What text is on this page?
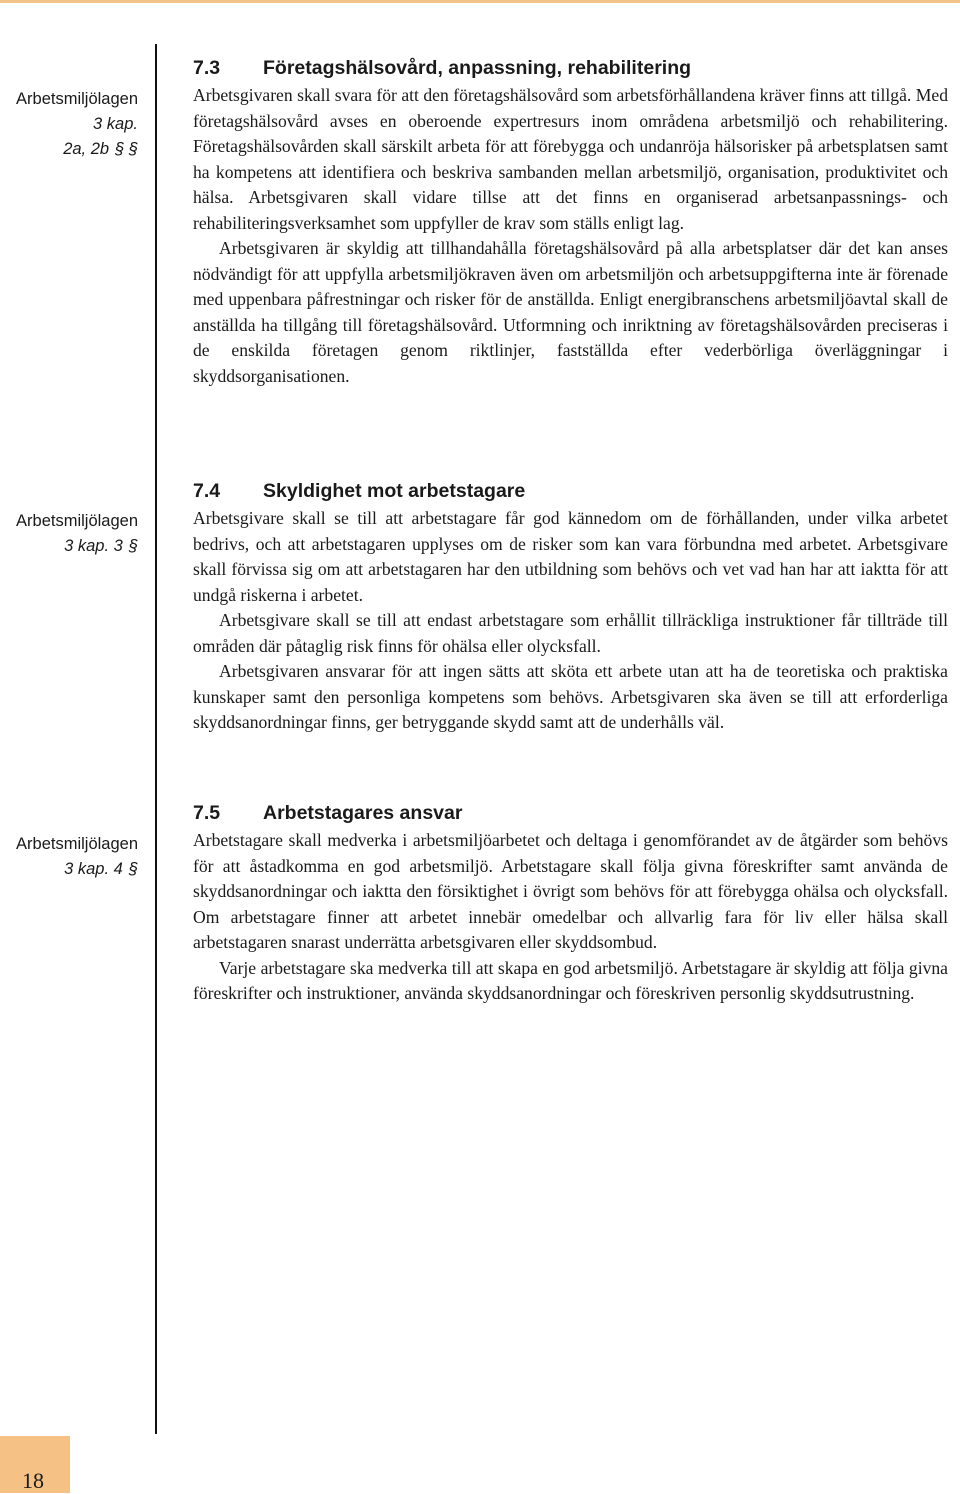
Arbetsmiljölagen
3 kap.
2a, 2b § §
Arbetsmiljölagen
3 kap. 3 §
Arbetsmiljölagen
3 kap. 4 §
7.3 Företagshälsovård, anpassning, rehabilitering

Arbetsgivaren skall svara för att den företagshälsovård som arbetsförhållandena kräver finns att tillgå. Med företagshälsovård avses en oberoende expertresurs inom områdena arbetsmiljö och rehabilitering. Företagshälsovården skall särskilt arbeta för att förebygga och undanröja hälsorisker på arbetsplatsen samt ha kompetens att identifiera och beskriva sambanden mellan arbetsmiljö, organisation, produktivitet och hälsa. Arbetsgivaren skall vidare tillse att det finns en organiserad arbetsanpassnings- och rehabiliteringsverksamhet som uppfyller de krav som ställs enligt lag.

Arbetsgivaren är skyldig att tillhandahålla företagshälsovård på alla arbetsplatser där det kan anses nödvändigt för att uppfylla arbetsmiljökraven även om arbetsmiljön och arbetsuppgifterna inte är förenade med uppenbara påfrestningar och risker för de anställda. Enligt energibranschens arbetsmiljöavtal skall de anställda ha tillgång till företagshälsovård. Utformning och inriktning av företagshälsovården preciseras i de enskilda företagen genom riktlinjer, fastställda efter vederbörliga överläggningar i skyddsorganisationen.

7.4 Skyldighet mot arbetstagare

Arbetsgivare skall se till att arbetstagare får god kännedom om de förhållanden, under vilka arbetet bedrivs, och att arbetstagaren upplyses om de risker som kan vara förbundna med arbetet. Arbetsgivare skall förvissa sig om att arbetstagaren har den utbildning som behövs och vet vad han har att iaktta för att undgå riskerna i arbetet.

Arbetsgivare skall se till att endast arbetstagare som erhållit tillräckliga instruktioner får tillträde till områden där påtaglig risk finns för ohälsa eller olycksfall.

Arbetsgivaren ansvarar för att ingen sätts att sköta ett arbete utan att ha de teoretiska och praktiska kunskaper samt den personliga kompetens som behövs. Arbetsgivaren ska även se till att erforderliga skyddsanordningar finns, ger betryggande skydd samt att de underhålls väl.

7.5 Arbetstagares ansvar

Arbetstagare skall medverka i arbetsmiljöarbetet och deltaga i genomförandet av de åtgärder som behövs för att åstadkomma en god arbetsmiljö. Arbetstagare skall följa givna föreskrifter samt använda de skyddsanordningar och iaktta den försiktighet i övrigt som behövs för att förebygga ohälsa och olycksfall. Om arbetstagare finner att arbetet innebär omedelbar och allvarlig fara för liv eller hälsa skall arbetstagaren snarast underrätta arbetsgivaren eller skyddsombud.

Varje arbetstagare ska medverka till att skapa en god arbetsmiljö. Arbetstagare är skyldig att följa givna föreskrifter och instruktioner, använda skyddsanordningar och föreskriven personlig skyddsutrustning.

18
